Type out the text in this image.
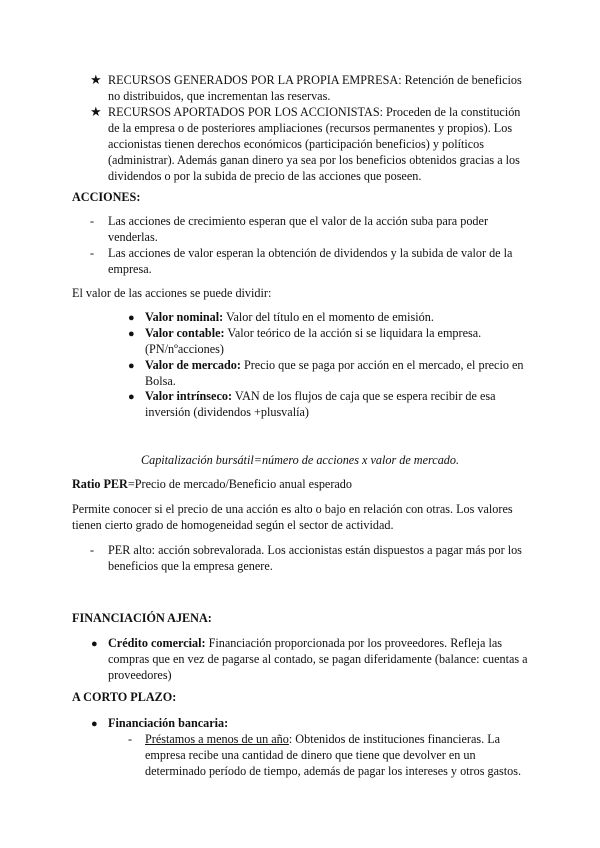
★ RECURSOS GENERADOS POR LA PROPIA EMPRESA: Retención de beneficios
no distribuidos, que incrementan las reservas.
★ RECURSOS APORTADOS POR LOS ACCIONISTAS: Proceden de la constitución
de la empresa o de posteriores ampliaciones (recursos permanentes y propios). Los
accionistas tienen derechos económicos (participación beneficios) y políticos
(administrar). Además ganan dinero ya sea por los beneficios obtenidos gracias a los
dividendos o por la subida de precio de las acciones que poseen.
ACCIONES:
- Las acciones de crecimiento esperan que el valor de la acción suba para poder
venderlas.
- Las acciones de valor esperan la obtención de dividendos y la subida de valor de la
empresa.
El valor de las acciones se puede dividir:
● Valor nominal: Valor del título en el momento de emisión.
● Valor contable: Valor teórico de la acción si se liquidara la empresa.
(PN/nºacciones)
● Valor de mercado: Precio que se paga por acción en el mercado, el precio en
Bolsa.
● Valor intrínseco: VAN de los flujos de caja que se espera recibir de esa
inversión (dividendos +plusvalía)
Capitalización bursátil=número de acciones x valor de mercado.
Ratio PER=Precio de mercado/Beneficio anual esperado
Permite conocer si el precio de una acción es alto o bajo en relación con otras. Los valores
tienen cierto grado de homogeneidad según el sector de actividad.
- PER alto: acción sobrevalorada. Los accionistas están dispuestos a pagar más por los
beneficios que la empresa genere.
FINANCIACIÓN AJENA:
● Crédito comercial: Financiación proporcionada por los proveedores. Refleja las
compras que en vez de pagarse al contado, se pagan diferidamente (balance: cuentas a
proveedores)
A CORTO PLAZO:
● Financiación bancaria:
- Préstamos a menos de un año: Obtenidos de instituciones financieras. La
empresa recibe una cantidad de dinero que tiene que devolver en un
determinado período de tiempo, además de pagar los intereses y otros gastos.
